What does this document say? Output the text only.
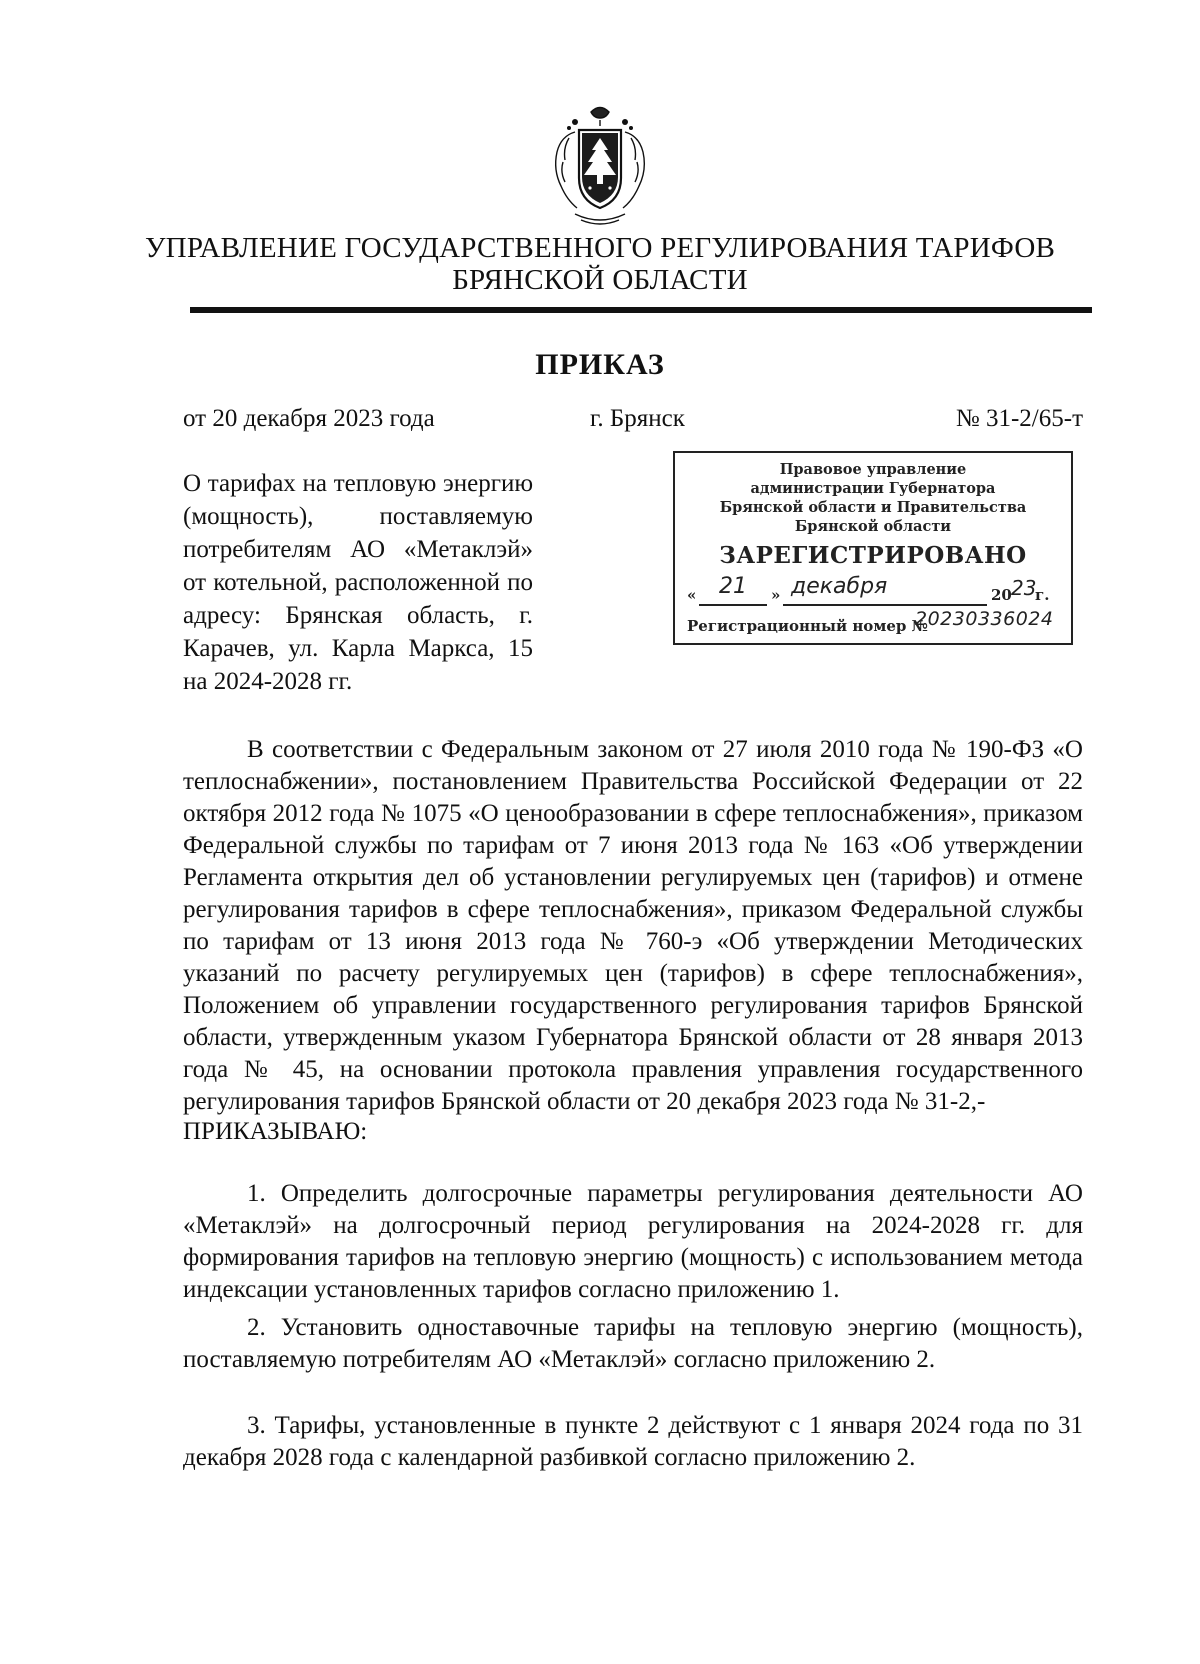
УПРАВЛЕНИЕ ГОСУДАРСТВЕННОГО РЕГУЛИРОВАНИЯ ТАРИФОВ
БРЯНСКОЙ ОБЛАСТИ
ПРИКАЗ
от 20 декабря 2023 года	г. Брянск	№ 31-2/65-т
О тарифах на тепловую энергию (мощность), поставляемую потребителям АО «Метаклэй» от котельной, расположенной по адресу: Брянская область, г. Карачев, ул. Карла Маркса, 15 на 2024-2028 гг.
Правовое управление
администрации Губернатора
Брянской области и Правительства
Брянской области
ЗАРЕГИСТРИРОВАНО
« 21 » декабря	20 23
г.
Регистрационный номер №
20230336024

В соответствии с Федеральным законом от 27 июля 2010 года № 190-ФЗ «О теплоснабжении», постановлением Правительства Российской Федерации от 22 октября 2012 года № 1075 «О ценообразовании в сфере теплоснабжения», приказом Федеральной службы по тарифам от 7 июня 2013 года № 163 «Об утверждении Регламента открытия дел об установлении регулируемых цен (тарифов) и отмене регулирования тарифов в сфере теплоснабжения», приказом Федеральной службы по тарифам от 13 июня 2013 года № 760-э «Об утверждении Методических указаний по расчету регулируемых цен (тарифов) в сфере теплоснабжения», Положением об управлении государственного регулирования тарифов Брянской области, утвержденным указом Губернатора Брянской области от 28 января 2013 года № 45, на основании протокола правления управления государственного регулирования тарифов Брянской области от 20 декабря 2023 года № 31-2,-

ПРИКАЗЫВАЮ:

1. Определить долгосрочные параметры регулирования деятельности АО «Метаклэй» на долгосрочный период регулирования на 2024-2028 гг. для формирования тарифов на тепловую энергию (мощность) с использованием метода индексации установленных тарифов согласно приложению 1.

2. Установить одноставочные тарифы на тепловую энергию (мощность), поставляемую потребителям АО «Метаклэй» согласно приложению 2.

3. Тарифы, установленные в пункте 2 действуют с 1 января 2024 года по 31 декабря 2028 года с календарной разбивкой согласно приложению 2.
